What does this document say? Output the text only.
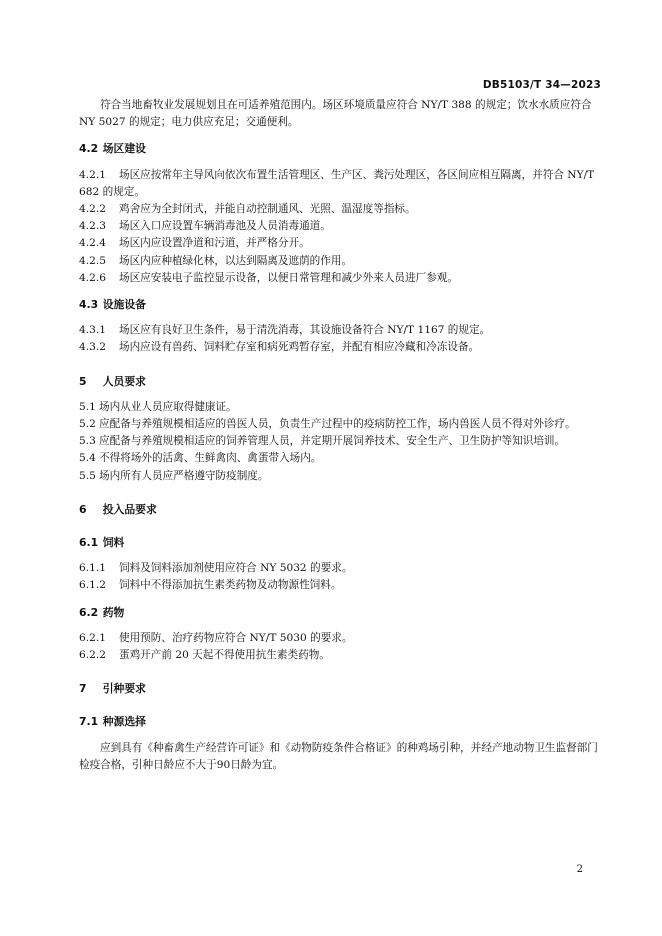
DB5103/T 34—2023

符合当地畜牧业发展规划且在可适养殖范围内。场区环境质量应符合 NY/T 388 的规定；饮水水质应符合 NY 5027 的规定；电力供应充足；交通便利。

4.2 场区建设

4.2.1 场区应按常年主导风向依次布置生活管理区、生产区、粪污处理区，各区间应相互隔离，并符合 NY/T 682 的规定。

4.2.2 鸡舍应为全封闭式，并能自动控制通风、光照、温湿度等指标。

4.2.3 场区入口应设置车辆消毒池及人员消毒通道。

4.2.4 场区内应设置净道和污道，并严格分开。

4.2.5 场区内应种植绿化林，以达到隔离及遮荫的作用。

4.2.6 场区应安装电子监控显示设备，以便日常管理和减少外来人员进厂参观。

4.3 设施设备

4.3.1 场区应有良好卫生条件，易于清洗消毒，其设施设备符合 NY/T 1167 的规定。

4.3.2 场内应设有兽药、饲料贮存室和病死鸡暂存室，并配有相应冷藏和冷冻设备。

5 人员要求

5.1 场内从业人员应取得健康证。

5.2 应配备与养殖规模相适应的兽医人员，负责生产过程中的疫病防控工作，场内兽医人员不得对外诊疗。

5.3 应配备与养殖规模相适应的饲养管理人员，并定期开展饲养技术、安全生产、卫生防护等知识培训。

5.4 不得将场外的活禽、生鲜禽肉、禽蛋带入场内。

5.5 场内所有人员应严格遵守防疫制度。

6 投入品要求

6.1 饲料

6.1.1 饲料及饲料添加剂使用应符合 NY 5032 的要求。

6.1.2 饲料中不得添加抗生素类药物及动物源性饲料。

6.2 药物

6.2.1 使用预防、治疗药物应符合 NY/T 5030 的要求。

6.2.2 蛋鸡开产前 20 天起不得使用抗生素类药物。

7 引种要求

7.1 种源选择

应到具有《种畜禽生产经营许可证》和《动物防疫条件合格证》的种鸡场引种，并经产地动物卫生监督部门检疫合格，引种日龄应不大于90日龄为宜。

2
